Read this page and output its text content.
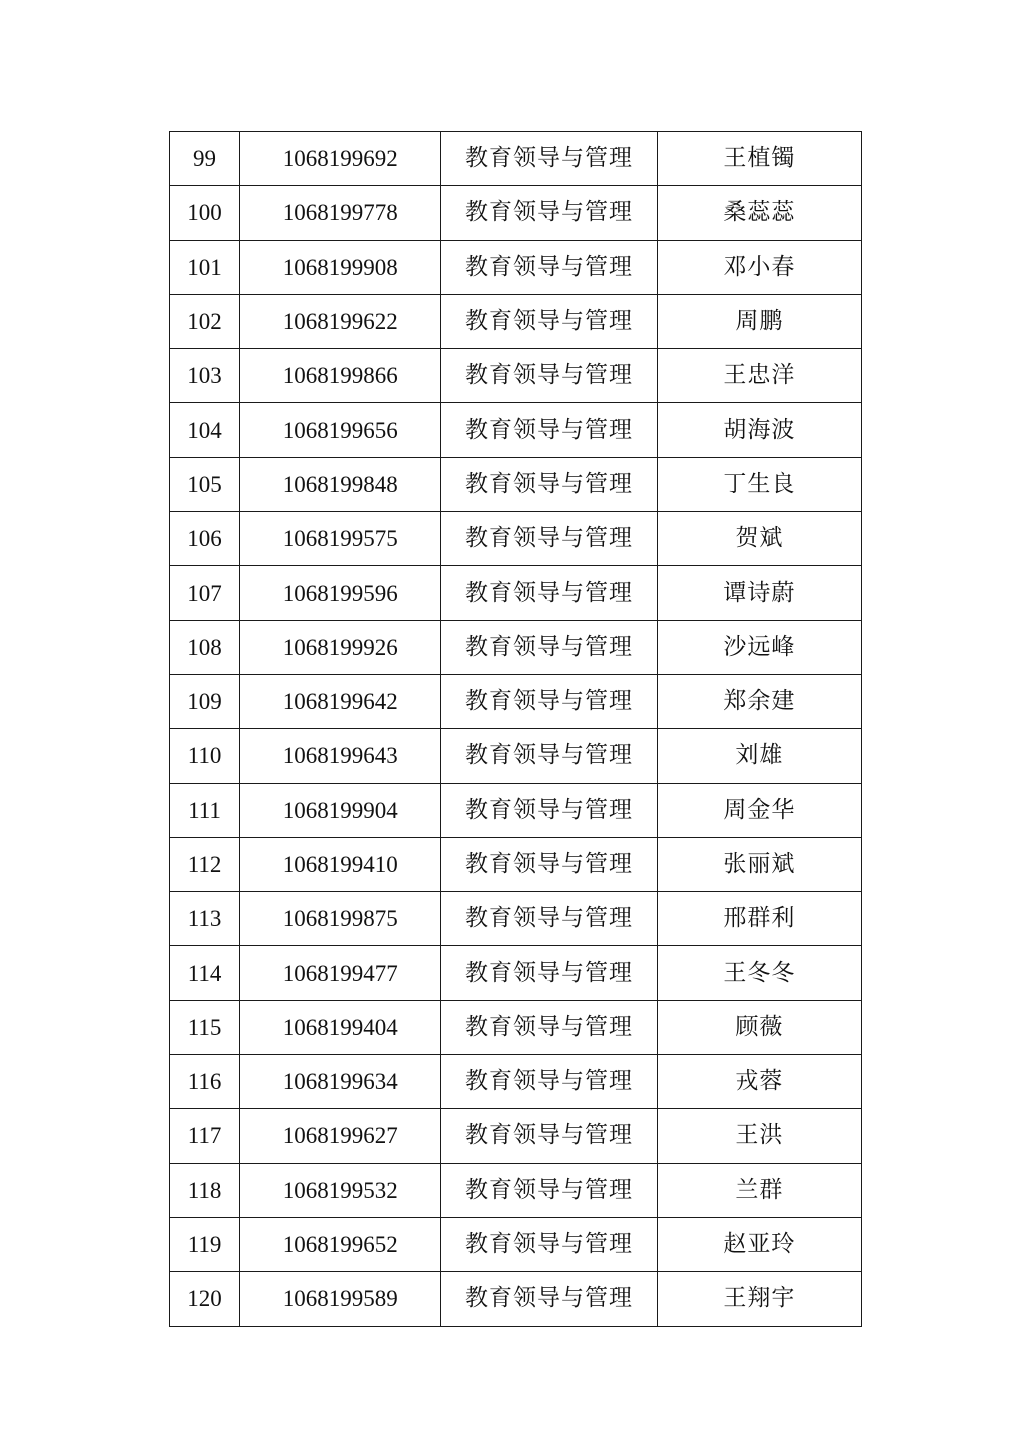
99	1068199692	教育领导与管理	王植镯
100	1068199778	教育领导与管理	桑蕊蕊
101	1068199908	教育领导与管理	邓小春
102	1068199622	教育领导与管理	周鹏
103	1068199866	教育领导与管理	王忠洋
104	1068199656	教育领导与管理	胡海波
105	1068199848	教育领导与管理	丁生良
106	1068199575	教育领导与管理	贺斌
107	1068199596	教育领导与管理	谭诗蔚
108	1068199926	教育领导与管理	沙远峰
109	1068199642	教育领导与管理	郑余建
110	1068199643	教育领导与管理	刘雄
111	1068199904	教育领导与管理	周金华
112	1068199410	教育领导与管理	张丽斌
113	1068199875	教育领导与管理	邢群利
114	1068199477	教育领导与管理	王冬冬
115	1068199404	教育领导与管理	顾薇
116	1068199634	教育领导与管理	戎蓉
117	1068199627	教育领导与管理	王洪
118	1068199532	教育领导与管理	兰群
119	1068199652	教育领导与管理	赵亚玲
120	1068199589	教育领导与管理	王翔宇
